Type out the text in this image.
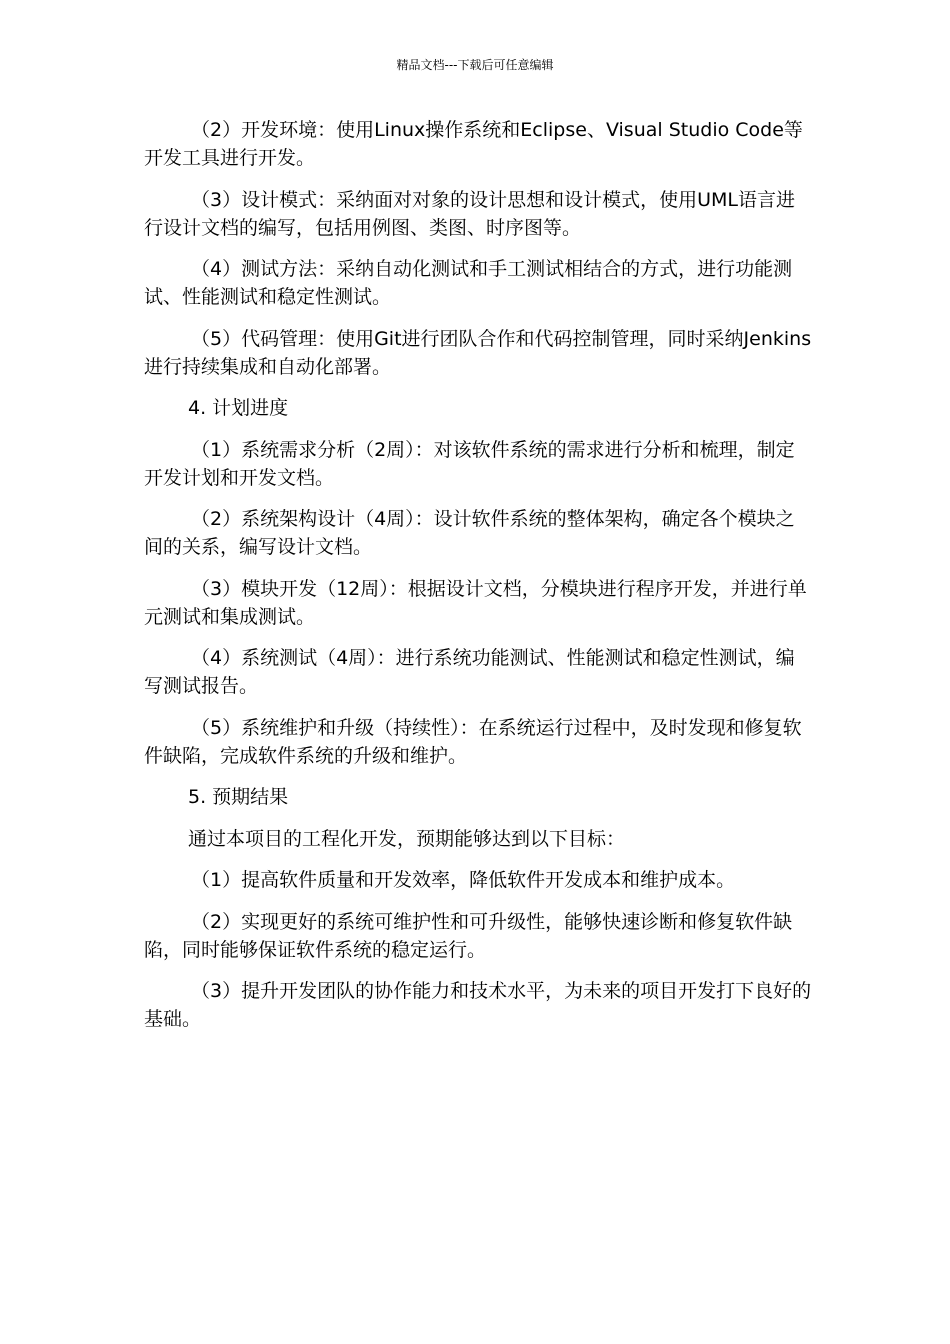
精品文档---下载后可任意编辑

（2）开发环境：使用Linux操作系统和Eclipse、Visual Studio Code等开发工具进行开发。

（3）设计模式：采纳面对对象的设计思想和设计模式，使用UML语言进行设计文档的编写，包括用例图、类图、时序图等。

（4）测试方法：采纳自动化测试和手工测试相结合的方式，进行功能测试、性能测试和稳定性测试。

（5）代码管理：使用Git进行团队合作和代码控制管理，同时采纳Jenkins进行持续集成和自动化部署。

4. 计划进度

（1）系统需求分析（2周）：对该软件系统的需求进行分析和梳理，制定开发计划和开发文档。

（2）系统架构设计（4周）：设计软件系统的整体架构，确定各个模块之间的关系，编写设计文档。

（3）模块开发（12周）：根据设计文档，分模块进行程序开发，并进行单元测试和集成测试。

（4）系统测试（4周）：进行系统功能测试、性能测试和稳定性测试，编写测试报告。

（5）系统维护和升级（持续性）：在系统运行过程中，及时发现和修复软件缺陷，完成软件系统的升级和维护。

5. 预期结果

通过本项目的工程化开发，预期能够达到以下目标：

（1）提高软件质量和开发效率，降低软件开发成本和维护成本。

（2）实现更好的系统可维护性和可升级性，能够快速诊断和修复软件缺陷，同时能够保证软件系统的稳定运行。

（3）提升开发团队的协作能力和技术水平，为未来的项目开发打下良好的基础。
